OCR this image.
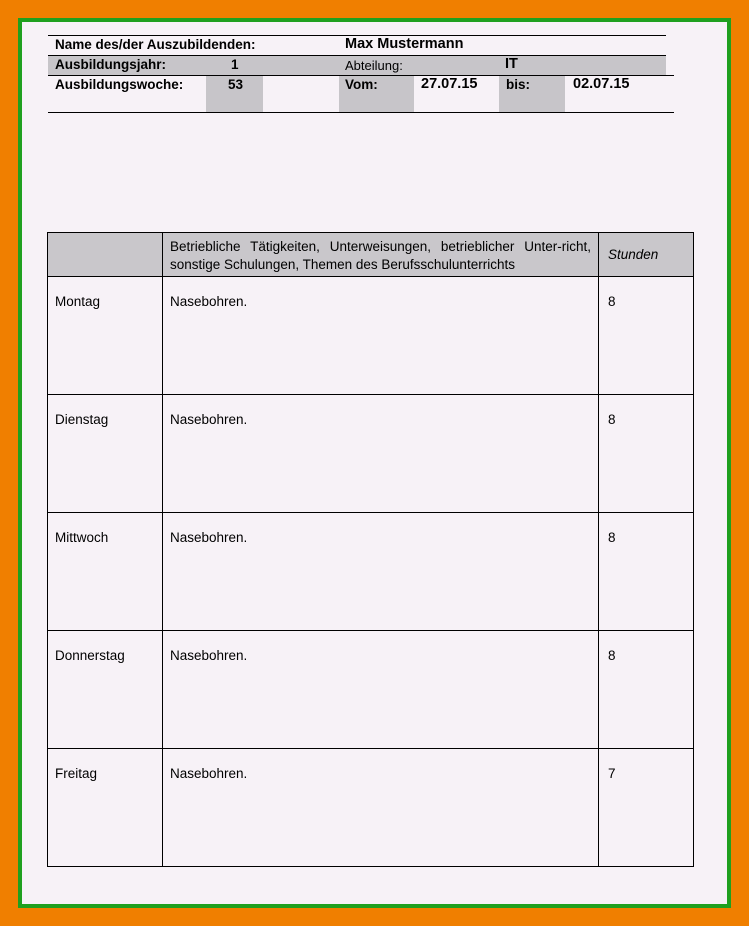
Name des/der Auszubildenden:	Max Mustermann
Ausbildungsjahr:	1	Abteilung:	IT
Ausbildungswoche:	53	Vom:	27.07.15 bis:	02.07.15

	Betriebliche Tätigkeiten, Unterweisungen, betrieblicher Unter-richt, sonstige Schulungen, Themen des Berufsschulunterrichts	Stunden

Montag	Nasebohren.	8

Dienstag	Nasebohren.	8

Mittwoch	Nasebohren.	8

Donnerstag	Nasebohren.	8

Freitag	Nasebohren.	7
